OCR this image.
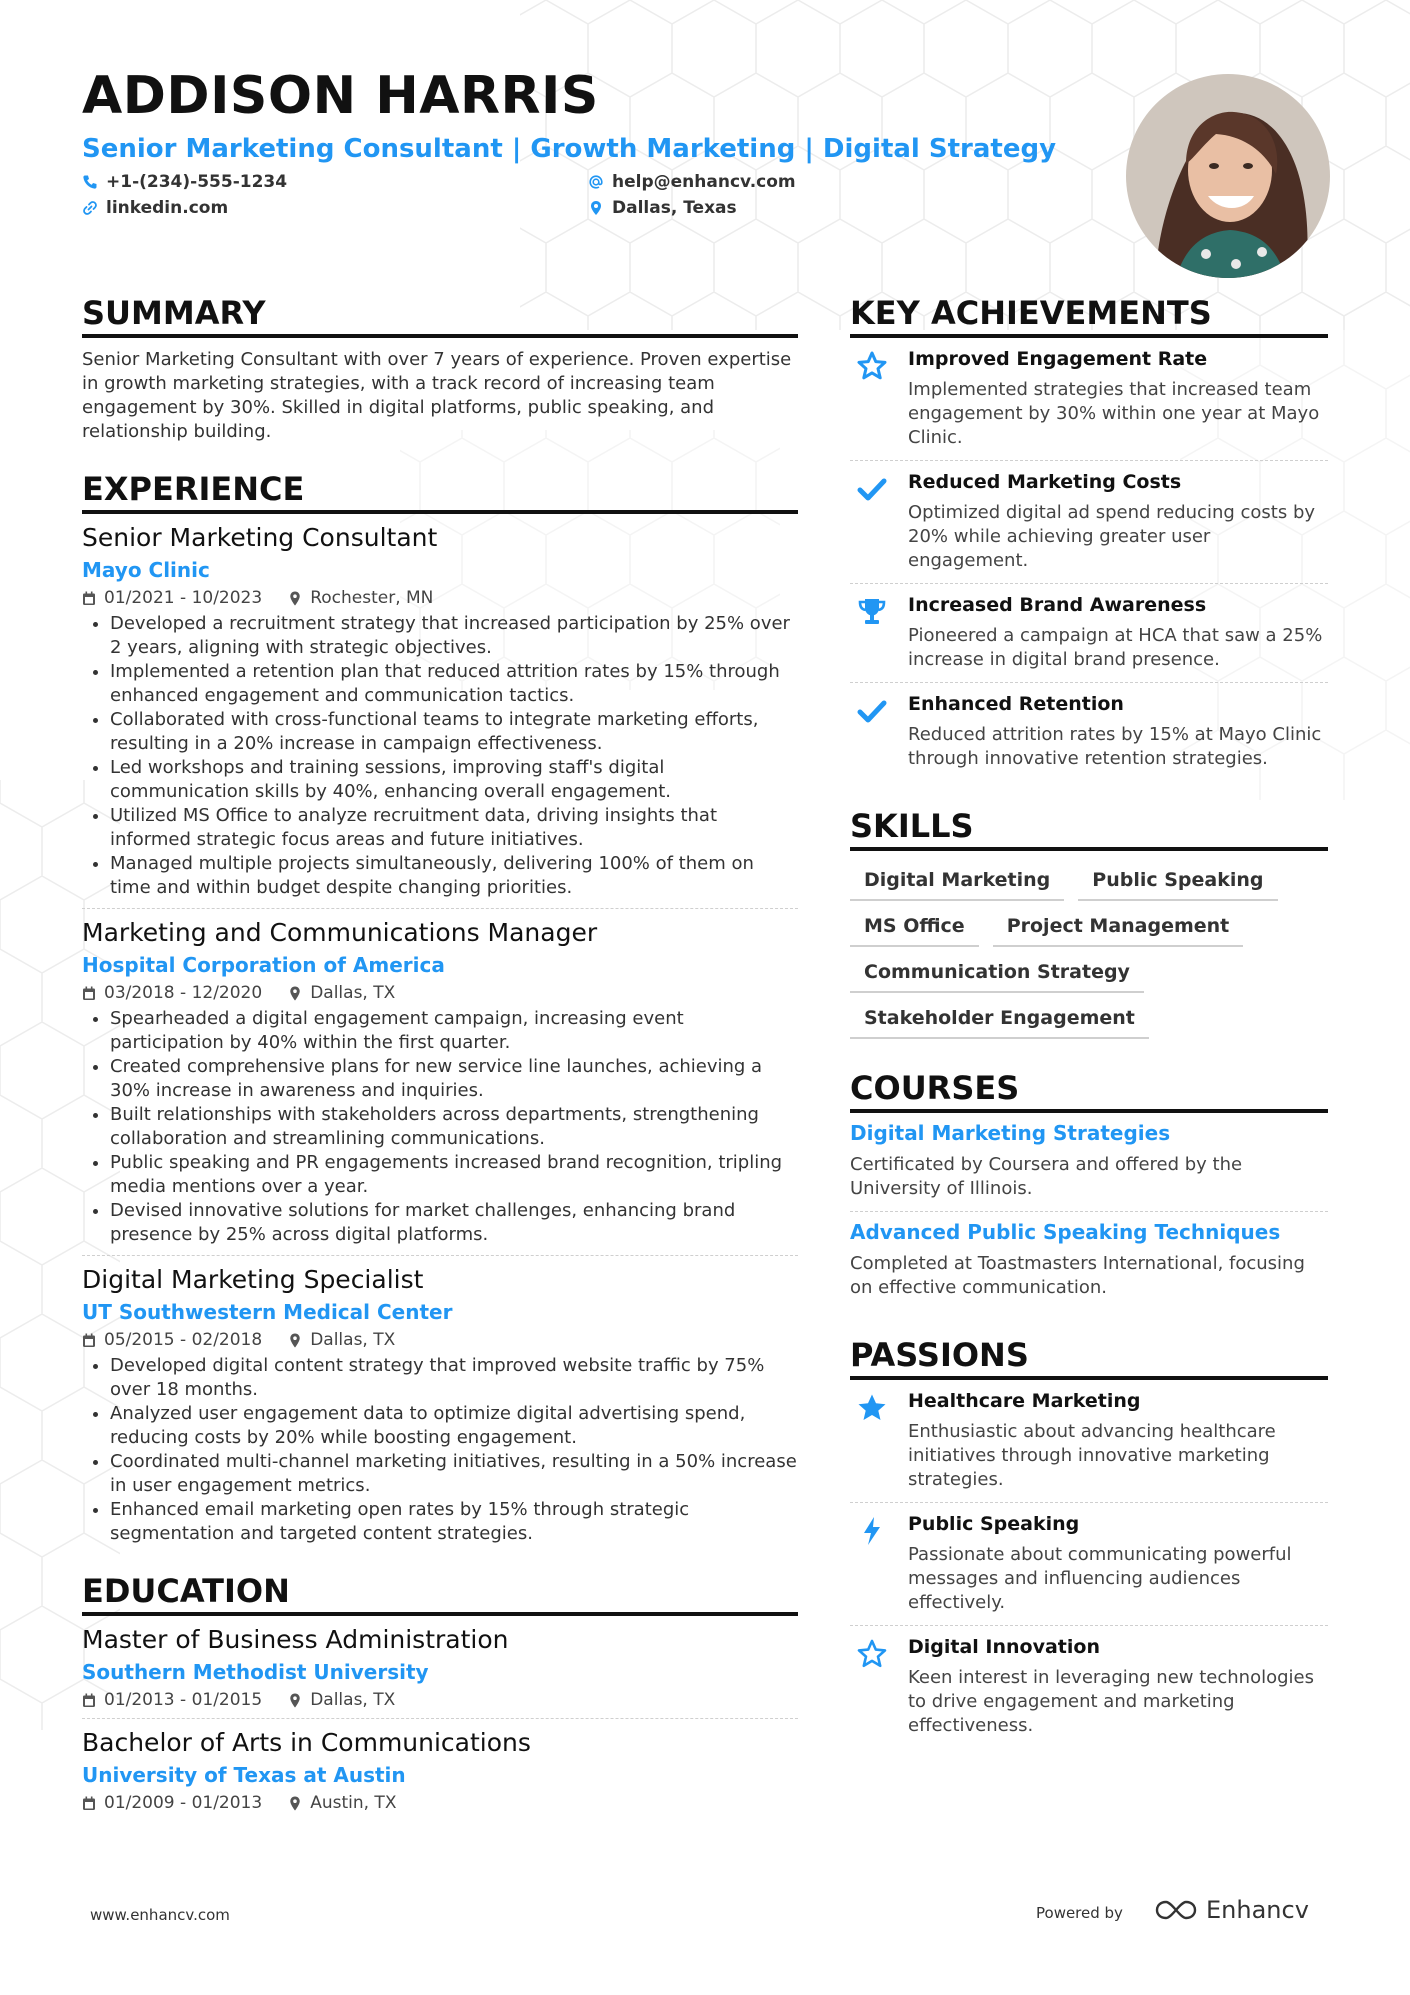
ADDISON HARRIS
Senior Marketing Consultant | Growth Marketing | Digital Strategy
+1-(234)-555-1234
linkedin.com
help@enhancv.com
Dallas, Texas
SUMMARY
Senior Marketing Consultant with over 7 years of experience. Proven expertise in growth marketing strategies, with a track record of increasing team engagement by 30%. Skilled in digital platforms, public speaking, and relationship building.
EXPERIENCE
Senior Marketing Consultant
Mayo Clinic
01/2021 - 10/2023	Rochester, MN
• Developed a recruitment strategy that increased participation by 25% over 2 years, aligning with strategic objectives.
• Implemented a retention plan that reduced attrition rates by 15% through enhanced engagement and communication tactics.
• Collaborated with cross-functional teams to integrate marketing efforts, resulting in a 20% increase in campaign effectiveness.
• Led workshops and training sessions, improving staff's digital communication skills by 40%, enhancing overall engagement.
• Utilized MS Office to analyze recruitment data, driving insights that informed strategic focus areas and future initiatives.
• Managed multiple projects simultaneously, delivering 100% of them on time and within budget despite changing priorities.
Marketing and Communications Manager
Hospital Corporation of America
03/2018 - 12/2020	Dallas, TX
• Spearheaded a digital engagement campaign, increasing event participation by 40% within the first quarter.
• Created comprehensive plans for new service line launches, achieving a 30% increase in awareness and inquiries.
• Built relationships with stakeholders across departments, strengthening collaboration and streamlining communications.
• Public speaking and PR engagements increased brand recognition, tripling media mentions over a year.
• Devised innovative solutions for market challenges, enhancing brand presence by 25% across digital platforms.
Digital Marketing Specialist
UT Southwestern Medical Center
05/2015 - 02/2018	Dallas, TX
• Developed digital content strategy that improved website traffic by 75% over 18 months.
• Analyzed user engagement data to optimize digital advertising spend, reducing costs by 20% while boosting engagement.
• Coordinated multi-channel marketing initiatives, resulting in a 50% increase in user engagement metrics.
• Enhanced email marketing open rates by 15% through strategic segmentation and targeted content strategies.
EDUCATION
Master of Business Administration
Southern Methodist University
01/2013 - 01/2015	Dallas, TX
Bachelor of Arts in Communications
University of Texas at Austin
01/2009 - 01/2013	Austin, TX
KEY ACHIEVEMENTS
Improved Engagement Rate
Implemented strategies that increased team engagement by 30% within one year at Mayo Clinic.
Reduced Marketing Costs
Optimized digital ad spend reducing costs by 20% while achieving greater user engagement.
Increased Brand Awareness
Pioneered a campaign at HCA that saw a 25% increase in digital brand presence.
Enhanced Retention
Reduced attrition rates by 15% at Mayo Clinic through innovative retention strategies.
SKILLS
Digital Marketing	Public Speaking
MS Office	Project Management
Communication Strategy
Stakeholder Engagement
COURSES
Digital Marketing Strategies
Certificated by Coursera and offered by the University of Illinois.
Advanced Public Speaking Techniques
Completed at Toastmasters International, focusing on effective communication.
PASSIONS
Healthcare Marketing
Enthusiastic about advancing healthcare initiatives through innovative marketing strategies.
Public Speaking
Passionate about communicating powerful messages and influencing audiences effectively.
Digital Innovation
Keen interest in leveraging new technologies to drive engagement and marketing effectiveness.
www.enhancv.com	Powered by	Enhancv
